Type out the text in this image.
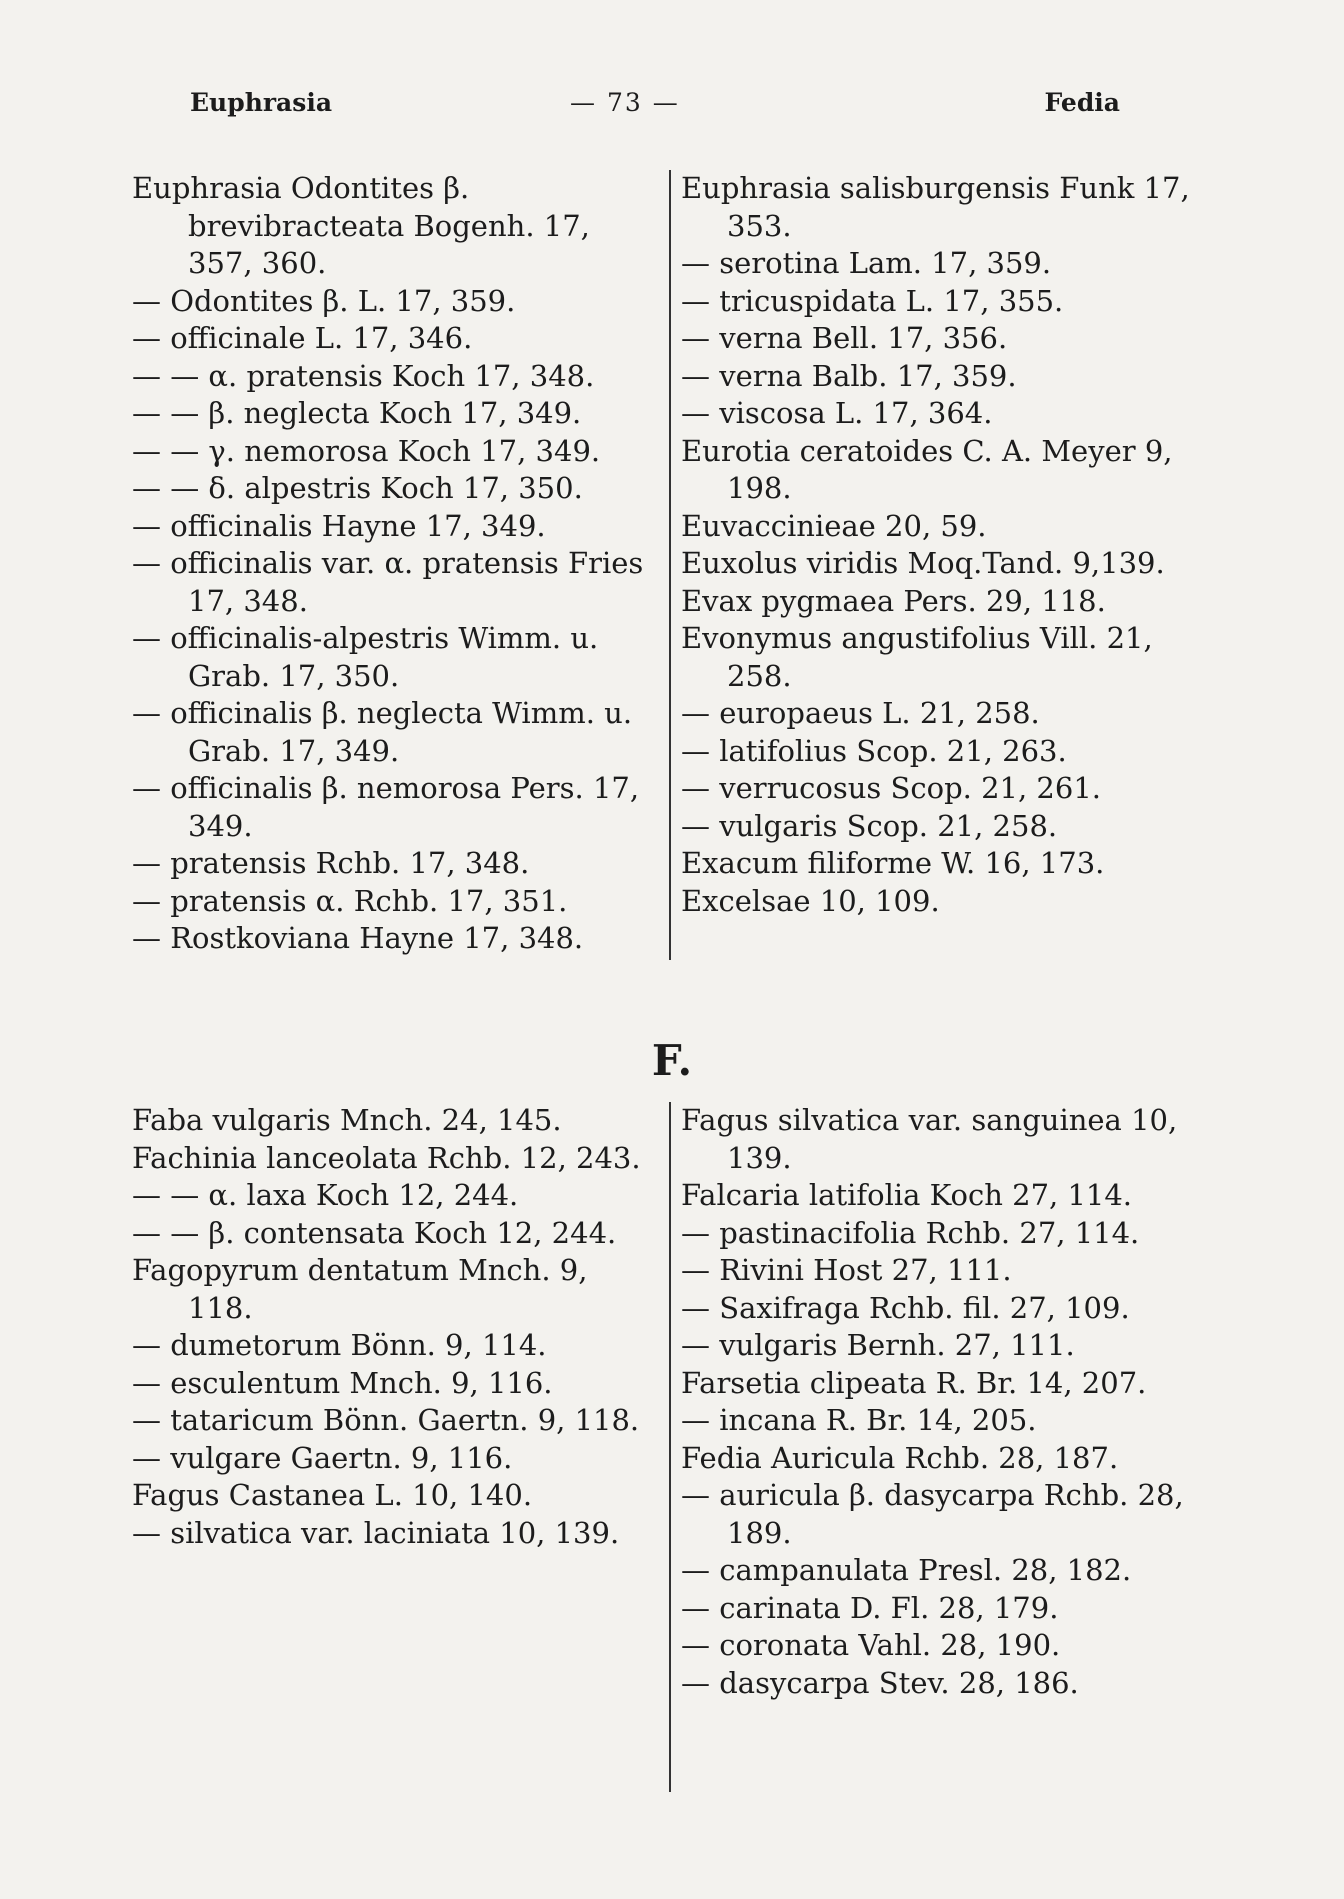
Euphrasia	— 73 —	Fedia
Euphrasia Odontites β. brevibracteata Bogenh. 17, 357, 360.
— Odontites β. L. 17, 359.
— officinale L. 17, 346.
— — α. pratensis Koch 17, 348.
— — β. neglecta Koch 17, 349.
— — γ. nemorosa Koch 17, 349.
— — δ. alpestris Koch 17, 350.
— officinalis Hayne 17, 349.
— officinalis var. α. pratensis Fries 17, 348.
— officinalis-alpestris Wimm. u. Grab. 17, 350.
— officinalis β. neglecta Wimm. u. Grab. 17, 349.
— officinalis β. nemorosa Pers. 17, 349.
— pratensis Rchb. 17, 348.
— pratensis α. Rchb. 17, 351.
— Rostkoviana Hayne 17, 348.
Euphrasia salisburgensis Funk 17, 353.
— serotina Lam. 17, 359.
— tricuspidata L. 17, 355.
— verna Bell. 17, 356.
— verna Balb. 17, 359.
— viscosa L. 17, 364.
Eurotia ceratoides C. A. Meyer 9, 198.
Euvaccinieae 20, 59.
Euxolus viridis Moq.Tand. 9,139.
Evax pygmaea Pers. 29, 118.
Evonymus angustifolius Vill. 21, 258.
— europaeus L. 21, 258.
— latifolius Scop. 21, 263.
— verrucosus Scop. 21, 261.
— vulgaris Scop. 21, 258.
Exacum filiforme W. 16, 173.
Excelsae 10, 109.
F.
Faba vulgaris Mnch. 24, 145.
Fachinia lanceolata Rchb. 12, 243.
— — α. laxa Koch 12, 244.
— — β. contensata Koch 12, 244.
Fagopyrum dentatum Mnch. 9, 118.
— dumetorum Bönn. 9, 114.
— esculentum Mnch. 9, 116.
— tataricum Bönn. Gaertn. 9, 118.
— vulgare Gaertn. 9, 116.
Fagus Castanea L. 10, 140.
— silvatica var. laciniata 10, 139.
Fagus silvatica var. sanguinea 10, 139.
Falcaria latifolia Koch 27, 114.
— pastinacifolia Rchb. 27, 114.
— Rivini Host 27, 111.
— Saxifraga Rchb. fil. 27, 109.
— vulgaris Bernh. 27, 111.
Farsetia clipeata R. Br. 14, 207.
— incana R. Br. 14, 205.
Fedia Auricula Rchb. 28, 187.
— auricula β. dasycarpa Rchb. 28, 189.
— campanulata Presl. 28, 182.
— carinata D. Fl. 28, 179.
— coronata Vahl. 28, 190.
— dasycarpa Stev. 28, 186.
